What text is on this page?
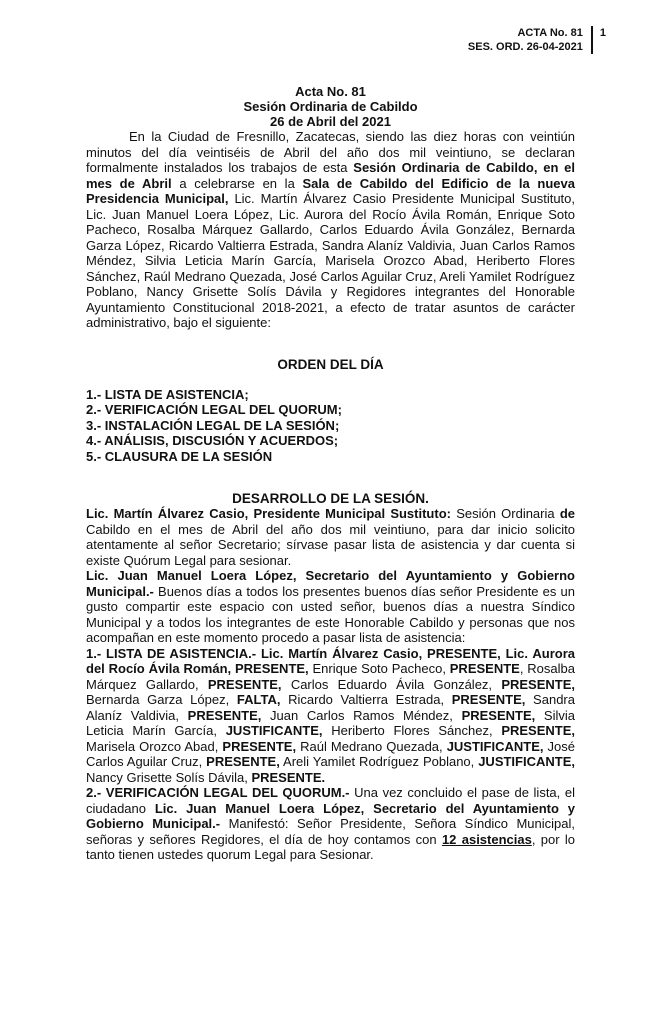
ACTA No. 81
SES. ORD. 26-04-2021
1
Acta No. 81
Sesión Ordinaria de Cabildo
26 de Abril del 2021

En la Ciudad de Fresnillo, Zacatecas, siendo las diez horas con veintiún minutos del día veintiséis de Abril del año dos mil veintiuno, se declaran formalmente instalados los trabajos de esta Sesión Ordinaria de Cabildo, en el mes de Abril a celebrarse en la Sala de Cabildo del Edificio de la nueva Presidencia Municipal, Lic. Martín Álvarez Casio Presidente Municipal Sustituto, Lic. Juan Manuel Loera López, Lic. Aurora del Rocío Ávila Román, Enrique Soto Pacheco, Rosalba Márquez Gallardo, Carlos Eduardo Ávila González, Bernarda Garza López, Ricardo Valtierra Estrada, Sandra Alaníz Valdivia, Juan Carlos Ramos Méndez, Silvia Leticia Marín García, Marisela Orozco Abad, Heriberto Flores Sánchez, Raúl Medrano Quezada, José Carlos Aguilar Cruz, Areli Yamilet Rodríguez Poblano, Nancy Grisette Solís Dávila y Regidores integrantes del Honorable Ayuntamiento Constitucional 2018-2021, a efecto de tratar asuntos de carácter administrativo, bajo el siguiente:

ORDEN DEL DÍA
1.- LISTA DE ASISTENCIA;
2.- VERIFICACIÓN LEGAL DEL QUORUM;
3.- INSTALACIÓN LEGAL DE LA SESIÓN;
4.- ANÁLISIS, DISCUSIÓN Y ACUERDOS;
5.- CLAUSURA DE LA SESIÓN
DESARROLLO DE LA SESIÓN.

Lic. Martín Álvarez Casio, Presidente Municipal Sustituto: Sesión Ordinaria de Cabildo en el mes de Abril del año dos mil veintiuno, para dar inicio solicito atentamente al señor Secretario; sírvase pasar lista de asistencia y dar cuenta si existe Quórum Legal para sesionar.

Lic. Juan Manuel Loera López, Secretario del Ayuntamiento y Gobierno Municipal.- Buenos días a todos los presentes buenos días señor Presidente es un gusto compartir este espacio con usted señor, buenos días a nuestra Síndico Municipal y a todos los integrantes de este Honorable Cabildo y personas que nos acompañan en este momento procedo a pasar lista de asistencia:

1.- LISTA DE ASISTENCIA.- Lic. Martín Álvarez Casio, PRESENTE, Lic. Aurora del Rocío Ávila Román, PRESENTE, Enrique Soto Pacheco, PRESENTE, Rosalba Márquez Gallardo, PRESENTE, Carlos Eduardo Ávila González, PRESENTE, Bernarda Garza López, FALTA, Ricardo Valtierra Estrada, PRESENTE, Sandra Alaníz Valdivia, PRESENTE, Juan Carlos Ramos Méndez, PRESENTE, Silvia Leticia Marín García, JUSTIFICANTE, Heriberto Flores Sánchez, PRESENTE, Marisela Orozco Abad, PRESENTE, Raúl Medrano Quezada, JUSTIFICANTE, José Carlos Aguilar Cruz, PRESENTE, Areli Yamilet Rodríguez Poblano, JUSTIFICANTE, Nancy Grisette Solís Dávila, PRESENTE.

2.- VERIFICACIÓN LEGAL DEL QUORUM.- Una vez concluido el pase de lista, el ciudadano Lic. Juan Manuel Loera López, Secretario del Ayuntamiento y Gobierno Municipal.- Manifestó: Señor Presidente, Señora Síndico Municipal, señoras y señores Regidores, el día de hoy contamos con 12 asistencias, por lo tanto tienen ustedes quorum Legal para Sesionar.
